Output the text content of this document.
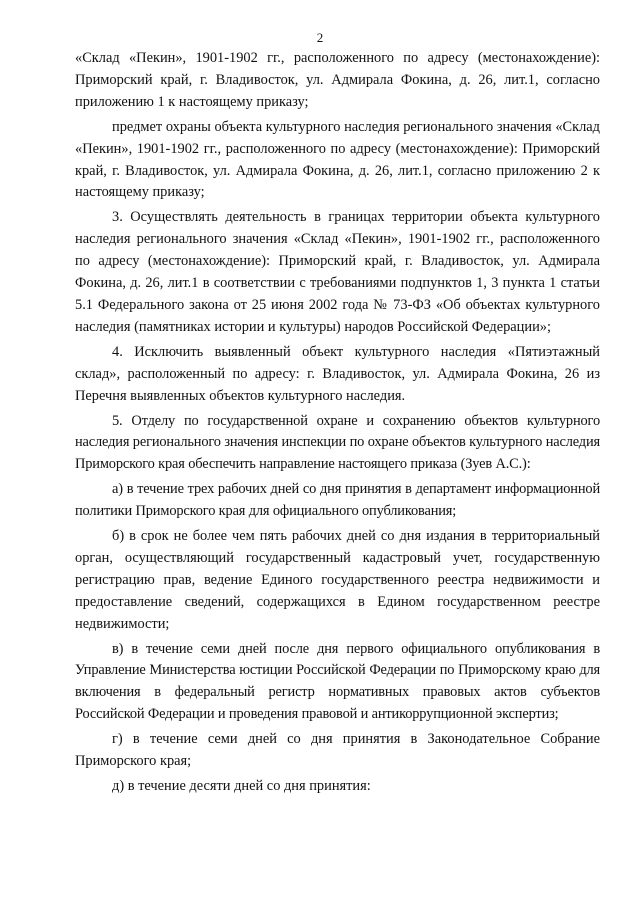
2

«Склад «Пекин», 1901-1902 гг., расположенного по адресу (местонахождение): Приморский край, г. Владивосток, ул. Адмирала Фокина, д. 26, лит.1, согласно приложению 1 к настоящему приказу;

предмет охраны объекта культурного наследия регионального значения «Склад «Пекин», 1901-1902 гг., расположенного по адресу (местонахождение): Приморский край, г. Владивосток, ул. Адмирала Фокина, д. 26, лит.1, согласно приложению 2 к настоящему приказу;

3. Осуществлять деятельность в границах территории объекта культурного наследия регионального значения «Склад «Пекин», 1901-1902 гг., расположенного по адресу (местонахождение): Приморский край, г. Владивосток, ул. Адмирала Фокина, д. 26, лит.1 в соответствии с требованиями подпунктов 1, 3 пункта 1 статьи 5.1 Федерального закона от 25 июня 2002 года № 73-ФЗ «Об объектах культурного наследия (памятниках истории и культуры) народов Российской Федерации»;

4. Исключить выявленный объект культурного наследия «Пятиэтажный склад», расположенный по адресу: г. Владивосток, ул. Адмирала Фокина, 26 из Перечня выявленных объектов культурного наследия.

5. Отделу по государственной охране и сохранению объектов культурного наследия регионального значения инспекции по охране объектов культурного наследия Приморского края обеспечить направление настоящего приказа (Зуев А.С.):

а) в течение трех рабочих дней со дня принятия в департамент информационной политики Приморского края для официального опубликования;

б) в срок не более чем пять рабочих дней со дня издания в территориальный орган, осуществляющий государственный кадастровый учет, государственную регистрацию прав, ведение Единого государственного реестра недвижимости и предоставление сведений, содержащихся в Едином государственном реестре недвижимости;

в) в течение семи дней после дня первого официального опубликования в Управление Министерства юстиции Российской Федерации по Приморскому краю для включения в федеральный регистр нормативных правовых актов субъектов Российской Федерации и проведения правовой и антикоррупционной экспертиз;

г) в течение семи дней со дня принятия в Законодательное Собрание Приморского края;

д) в течение десяти дней со дня принятия:
